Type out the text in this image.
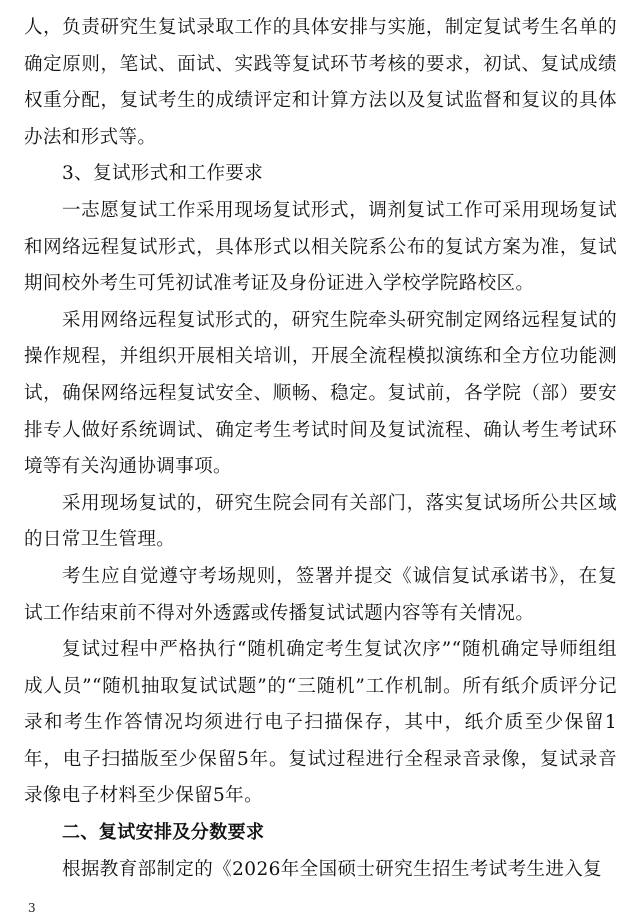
人，负责研究生复试录取工作的具体安排与实施，制定复试考生名单的确定原则，笔试、面试、实践等复试环节考核的要求，初试、复试成绩权重分配，复试考生的成绩评定和计算方法以及复试监督和复议的具体办法和形式等。

3、复试形式和工作要求

一志愿复试工作采用现场复试形式，调剂复试工作可采用现场复试和网络远程复试形式，具体形式以相关院系公布的复试方案为准，复试期间校外考生可凭初试准考证及身份证进入学校学院路校区。

采用网络远程复试形式的，研究生院牵头研究制定网络远程复试的操作规程，并组织开展相关培训，开展全流程模拟演练和全方位功能测试，确保网络远程复试安全、顺畅、稳定。复试前，各学院（部）要安排专人做好系统调试、确定考生考试时间及复试流程、确认考生考试环境等有关沟通协调事项。

采用现场复试的，研究生院会同有关部门，落实复试场所公共区域的日常卫生管理。

考生应自觉遵守考场规则，签署并提交《诚信复试承诺书》，在复试工作结束前不得对外透露或传播复试试题内容等有关情况。

复试过程中严格执行“随机确定考生复试次序”“随机确定导师组组成人员”“随机抽取复试试题”的“三随机”工作机制。所有纸介质评分记录和考生作答情况均须进行电子扫描保存，其中，纸介质至少保留1年，电子扫描版至少保留5年。复试过程进行全程录音录像，复试录音录像电子材料至少保留5年。

二、复试安排及分数要求

根据教育部制定的《2026年全国硕士研究生招生考试考生进入复

3
